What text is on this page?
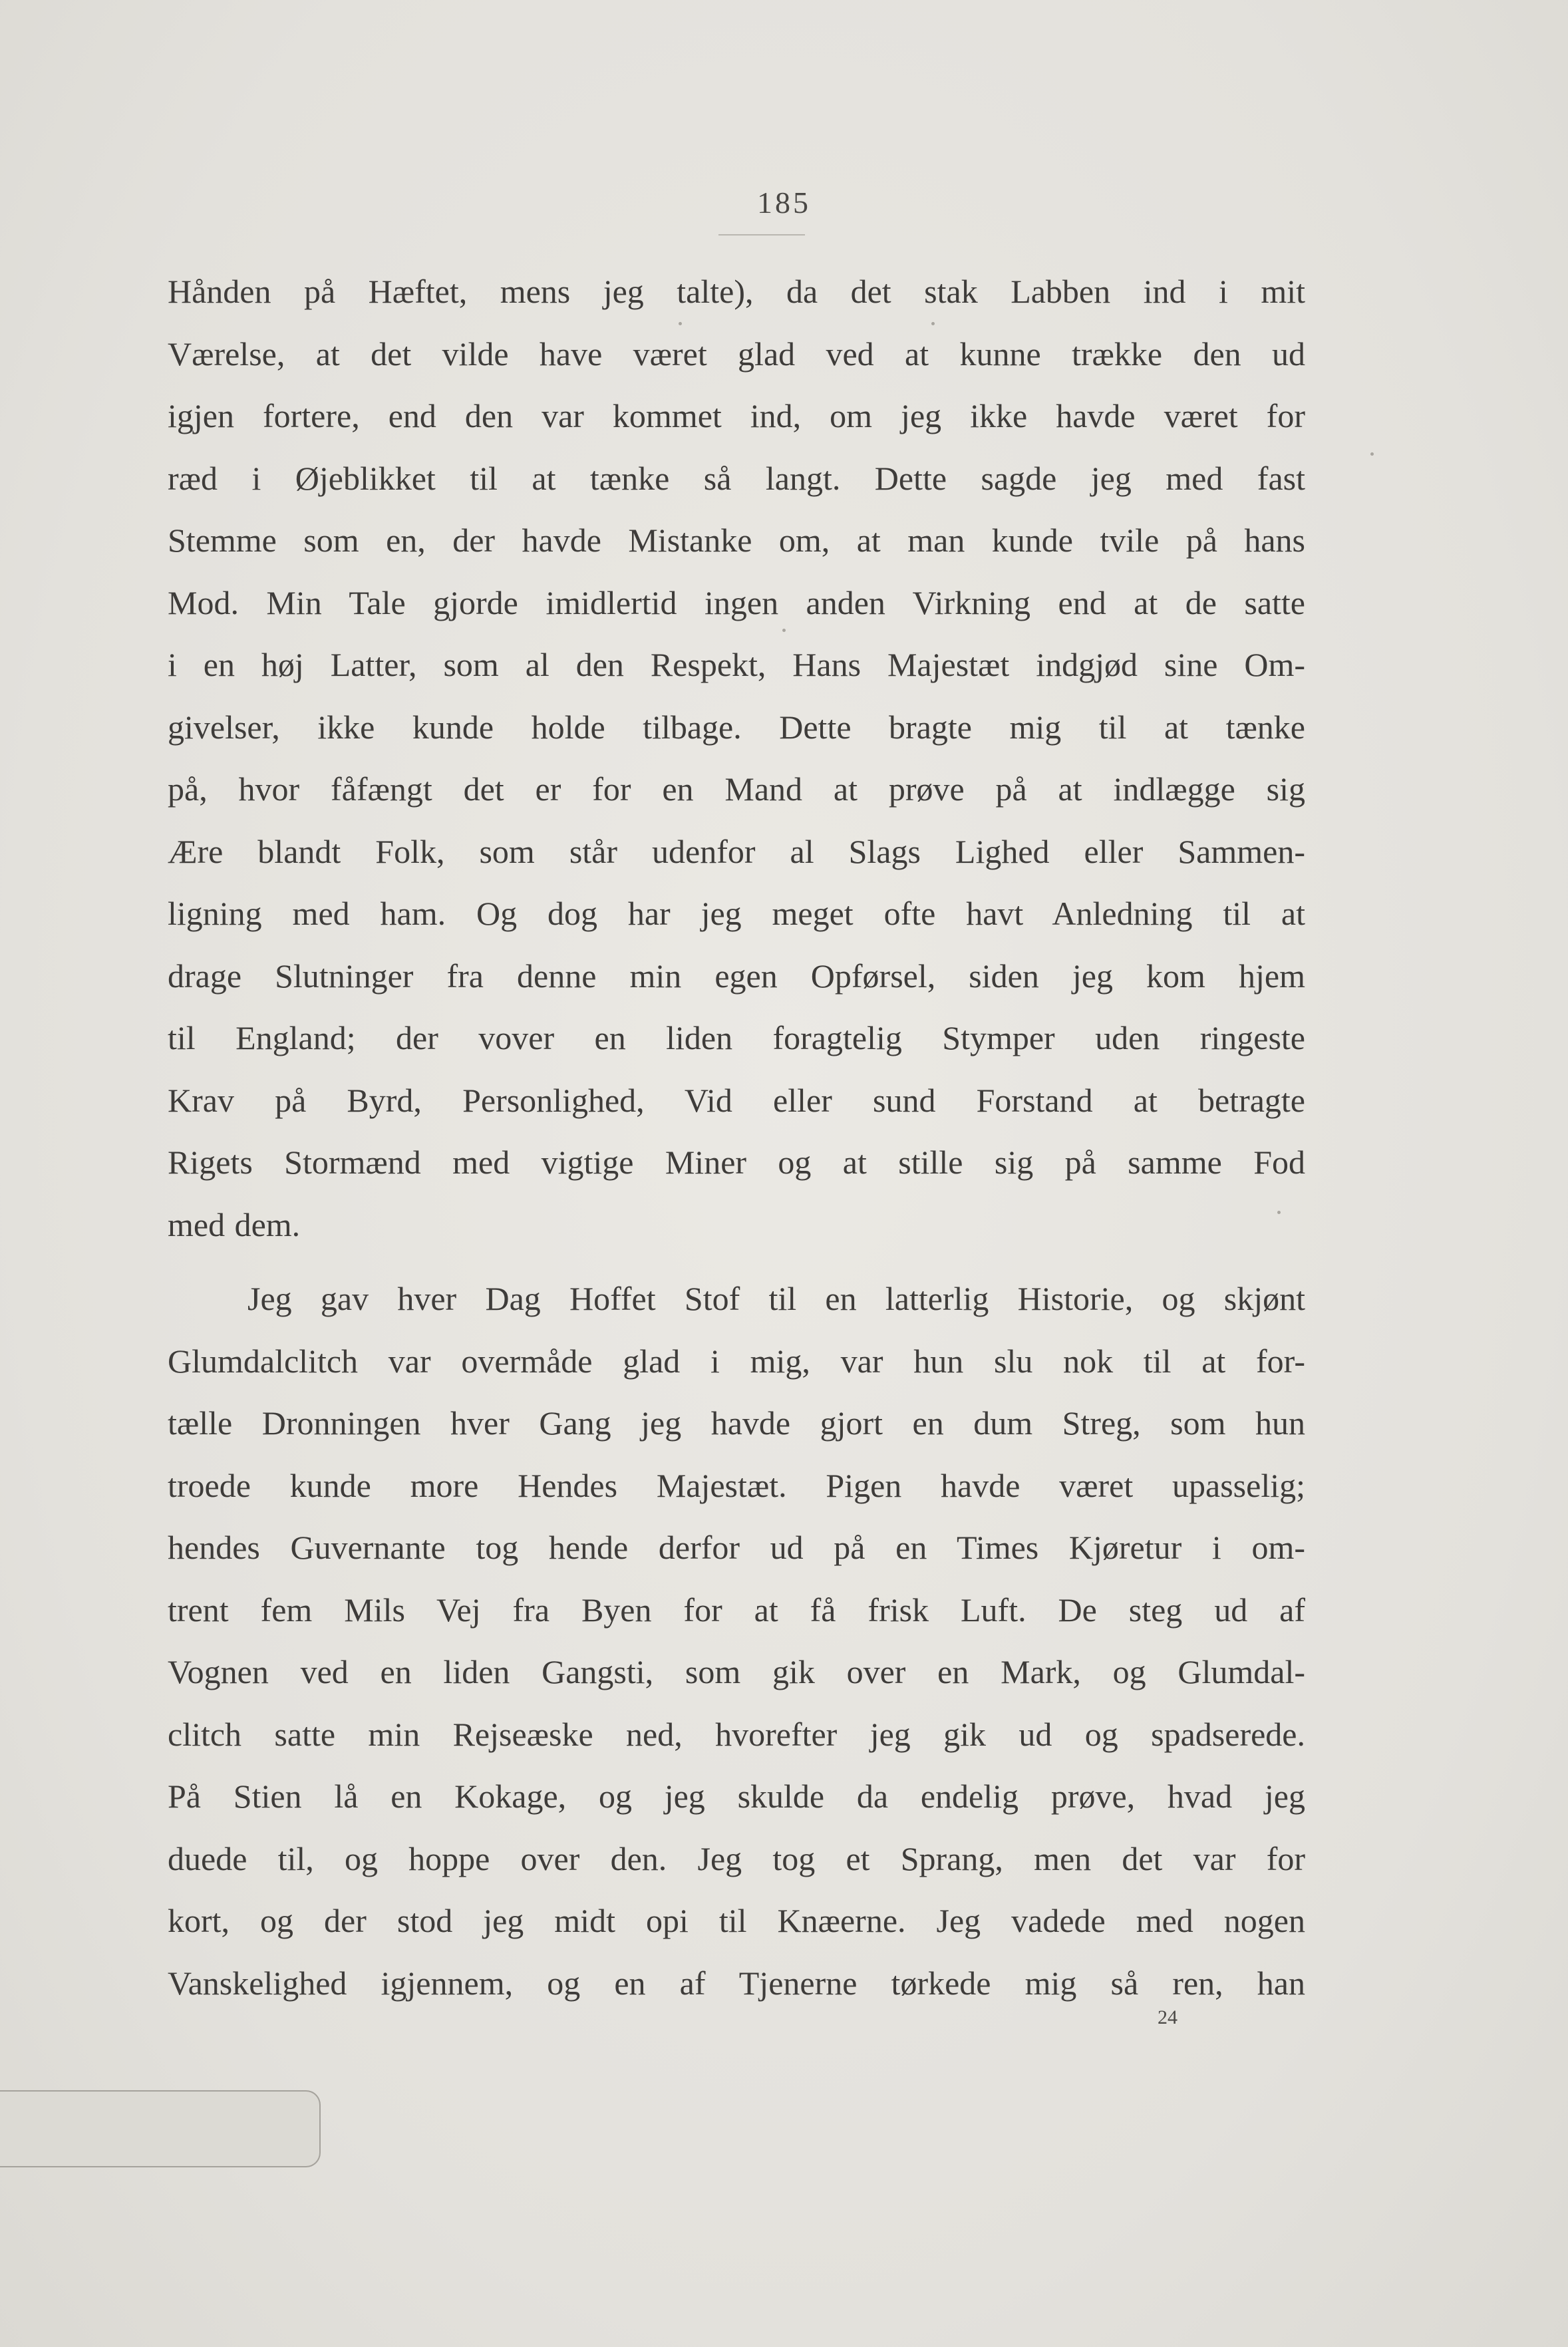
185
Hånden på Hæftet, mens jeg talte), da det stak Labben ind i mit
Værelse, at det vilde have været glad ved at kunne trække den ud
igjen fortere, end den var kommet ind, om jeg ikke havde været for
ræd i Øjeblikket til at tænke så langt. Dette sagde jeg med fast
Stemme som en, der havde Mistanke om, at man kunde tvile på hans
Mod. Min Tale gjorde imidlertid ingen anden Virkning end at de satte
i en høj Latter, som al den Respekt, Hans Majestæt indgjød sine Om-
givelser, ikke kunde holde tilbage. Dette bragte mig til at tænke
på, hvor fåfængt det er for en Mand at prøve på at indlægge sig
Ære blandt Folk, som står udenfor al Slags Lighed eller Sammen-
ligning med ham. Og dog har jeg meget ofte havt Anledning til at
drage Slutninger fra denne min egen Opførsel, siden jeg kom hjem
til England; der vover en liden foragtelig Stymper uden ringeste
Krav på Byrd, Personlighed, Vid eller sund Forstand at betragte
Rigets Stormænd med vigtige Miner og at stille sig på samme Fod
med dem.
Jeg gav hver Dag Hoffet Stof til en latterlig Historie, og skjønt
Glumdalclitch var overmåde glad i mig, var hun slu nok til at for-
tælle Dronningen hver Gang jeg havde gjort en dum Streg, som hun
troede kunde more Hendes Majestæt. Pigen havde været upasselig;
hendes Guvernante tog hende derfor ud på en Times Kjøretur i om-
trent fem Mils Vej fra Byen for at få frisk Luft. De steg ud af
Vognen ved en liden Gangsti, som gik over en Mark, og Glumdal-
clitch satte min Rejseæske ned, hvorefter jeg gik ud og spadserede.
På Stien lå en Kokage, og jeg skulde da endelig prøve, hvad jeg
duede til, og hoppe over den. Jeg tog et Sprang, men det var for
kort, og der stod jeg midt opi til Knæerne. Jeg vadede med nogen
Vanskelighed igjennem, og en af Tjenerne tørkede mig så ren, han
24
